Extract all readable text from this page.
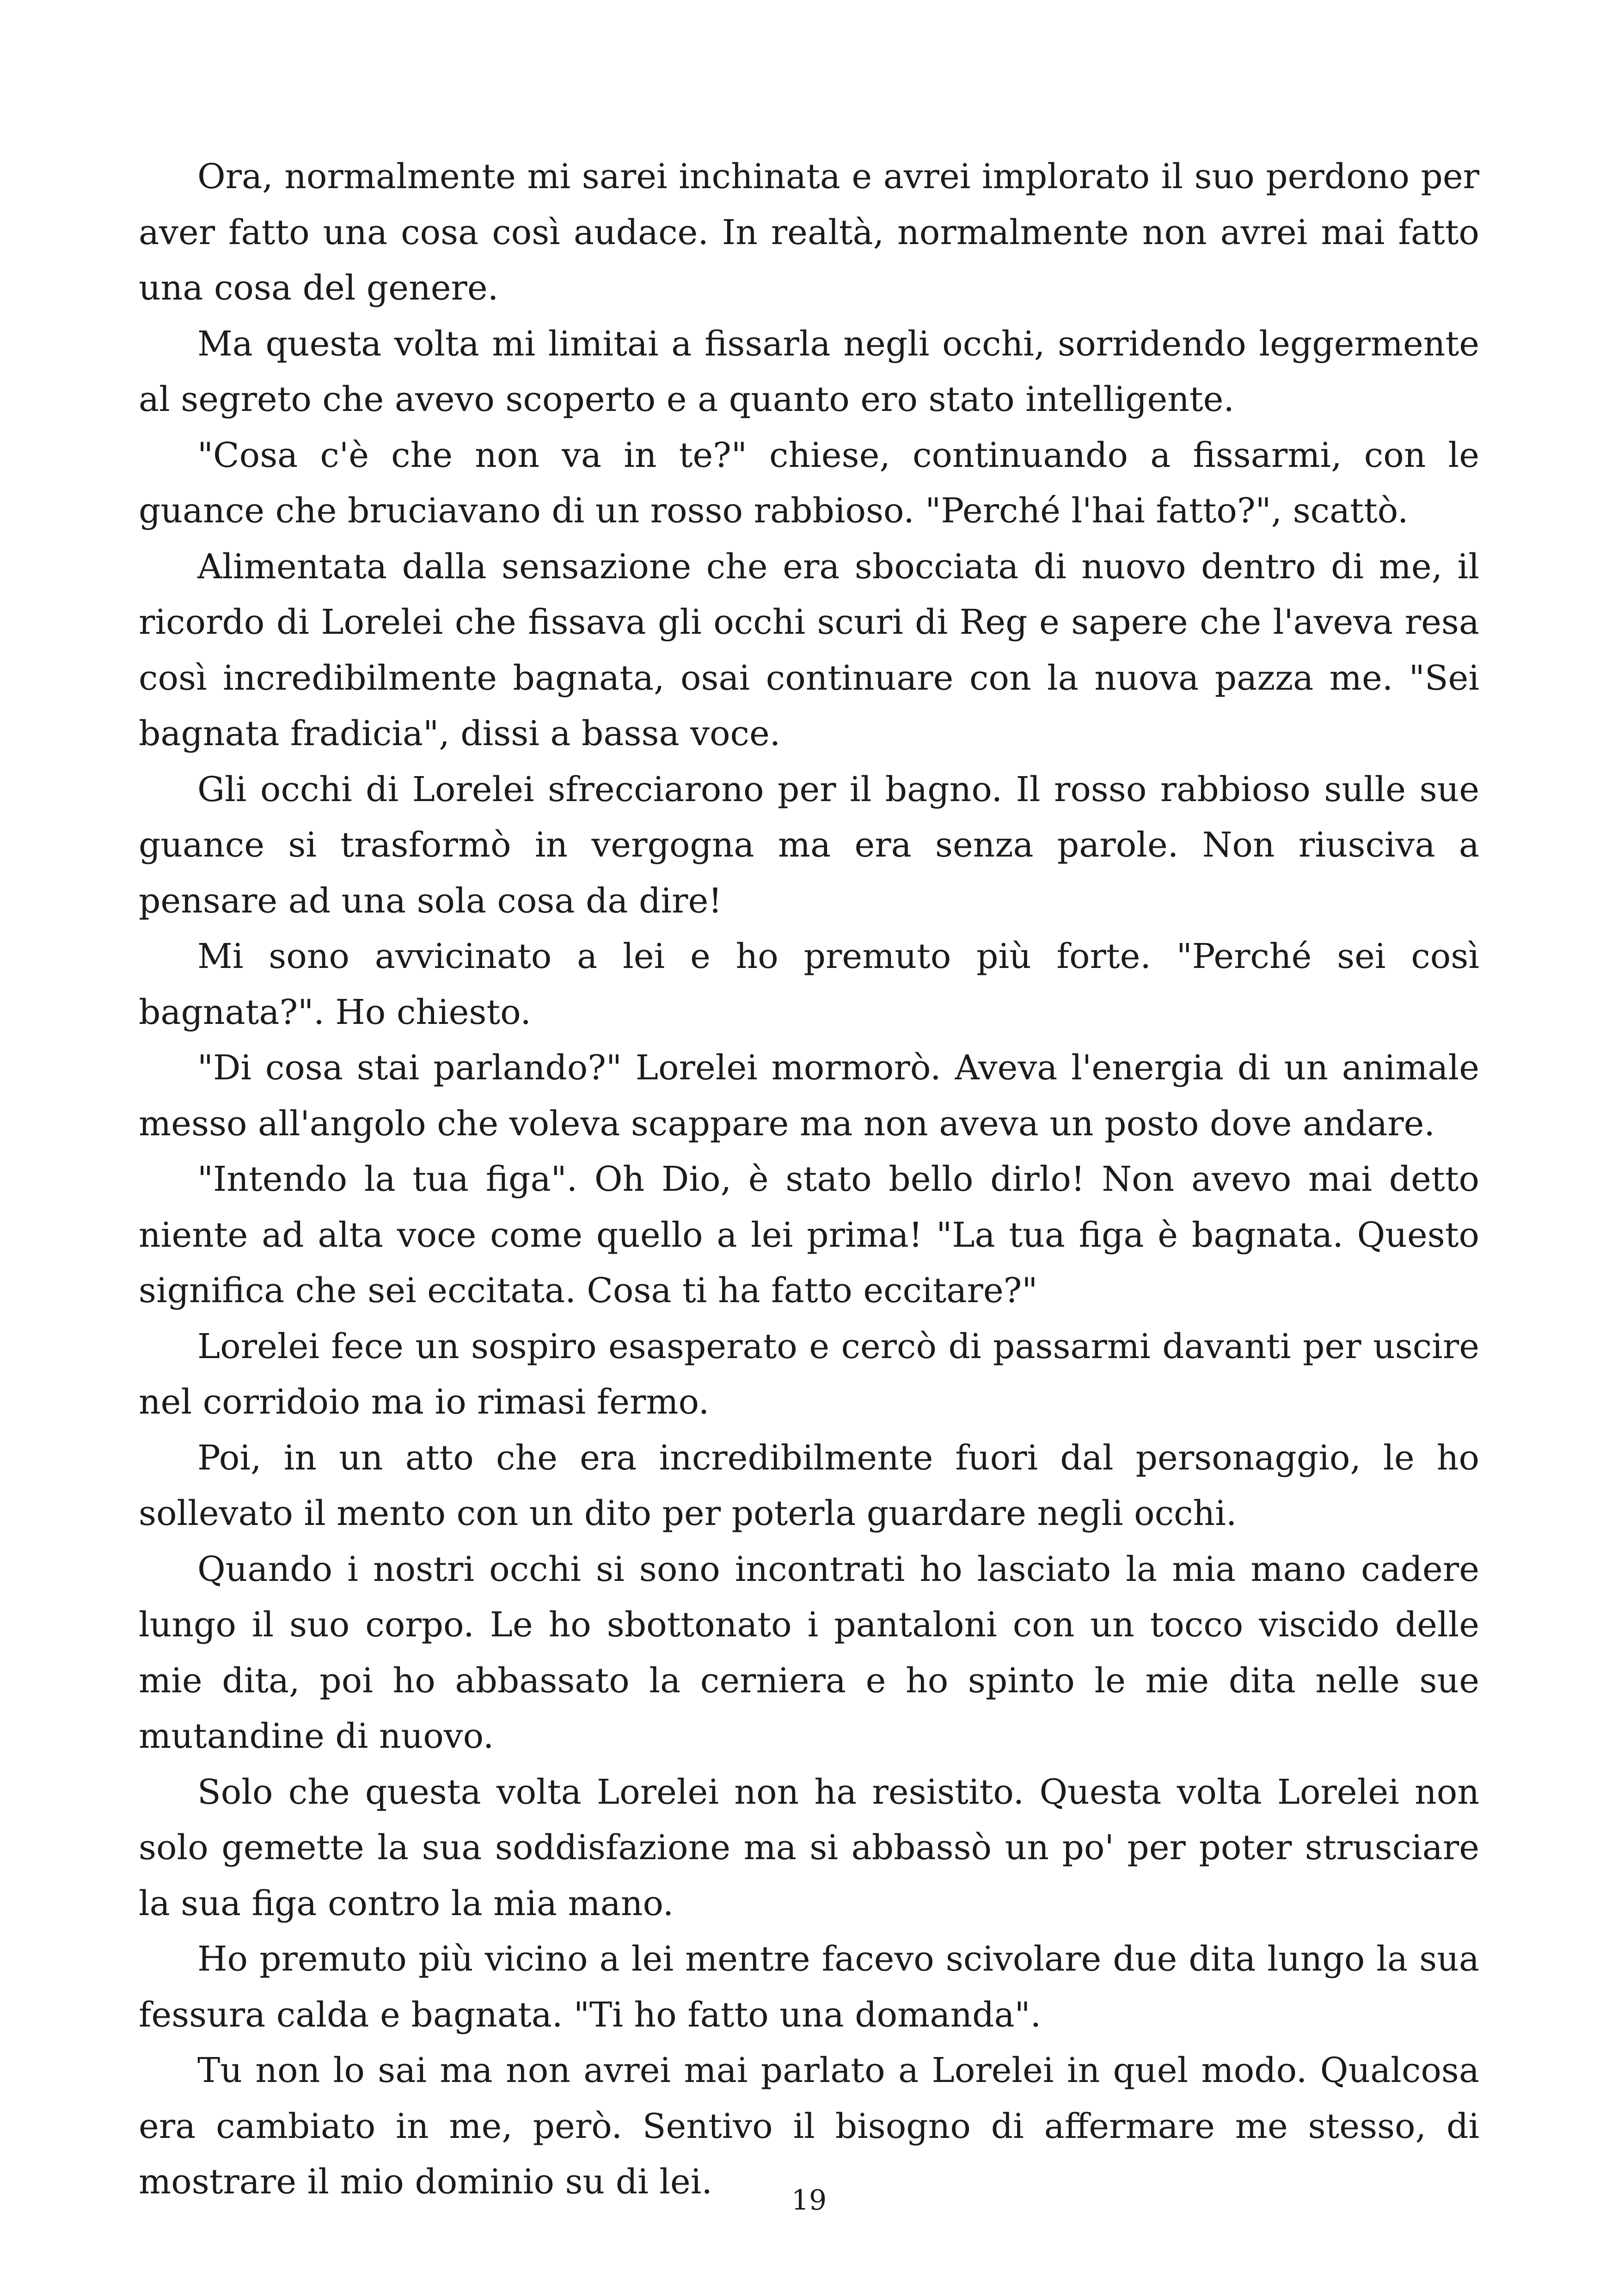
Ora, normalmente mi sarei inchinata e avrei implorato il suo perdono per aver fatto una cosa così audace. In realtà, normalmente non avrei mai fatto una cosa del genere.

Ma questa volta mi limitai a fissarla negli occhi, sorridendo leggermente al segreto che avevo scoperto e a quanto ero stato intelligente.

"Cosa c'è che non va in te?" chiese, continuando a fissarmi, con le guance che bruciavano di un rosso rabbioso. "Perché l'hai fatto?", scattò.

Alimentata dalla sensazione che era sbocciata di nuovo dentro di me, il ricordo di Lorelei che fissava gli occhi scuri di Reg e sapere che l'aveva resa così incredibilmente bagnata, osai continuare con la nuova pazza me. "Sei bagnata fradicia", dissi a bassa voce.

Gli occhi di Lorelei sfrecciarono per il bagno. Il rosso rabbioso sulle sue guance si trasformò in vergogna ma era senza parole. Non riusciva a pensare ad una sola cosa da dire!

Mi sono avvicinato a lei e ho premuto più forte. "Perché sei così bagnata?". Ho chiesto.

"Di cosa stai parlando?" Lorelei mormorò. Aveva l'energia di un animale messo all'angolo che voleva scappare ma non aveva un posto dove andare.

"Intendo la tua figa". Oh Dio, è stato bello dirlo! Non avevo mai detto niente ad alta voce come quello a lei prima! "La tua figa è bagnata. Questo significa che sei eccitata. Cosa ti ha fatto eccitare?"

Lorelei fece un sospiro esasperato e cercò di passarmi davanti per uscire nel corridoio ma io rimasi fermo.

Poi, in un atto che era incredibilmente fuori dal personaggio, le ho sollevato il mento con un dito per poterla guardare negli occhi.

Quando i nostri occhi si sono incontrati ho lasciato la mia mano cadere lungo il suo corpo. Le ho sbottonato i pantaloni con un tocco viscido delle mie dita, poi ho abbassato la cerniera e ho spinto le mie dita nelle sue mutandine di nuovo.

Solo che questa volta Lorelei non ha resistito. Questa volta Lorelei non solo gemette la sua soddisfazione ma si abbassò un po' per poter strusciare la sua figa contro la mia mano.

Ho premuto più vicino a lei mentre facevo scivolare due dita lungo la sua fessura calda e bagnata. "Ti ho fatto una domanda".

Tu non lo sai ma non avrei mai parlato a Lorelei in quel modo. Qualcosa era cambiato in me, però. Sentivo il bisogno di affermare me stesso, di mostrare il mio dominio su di lei.	19
